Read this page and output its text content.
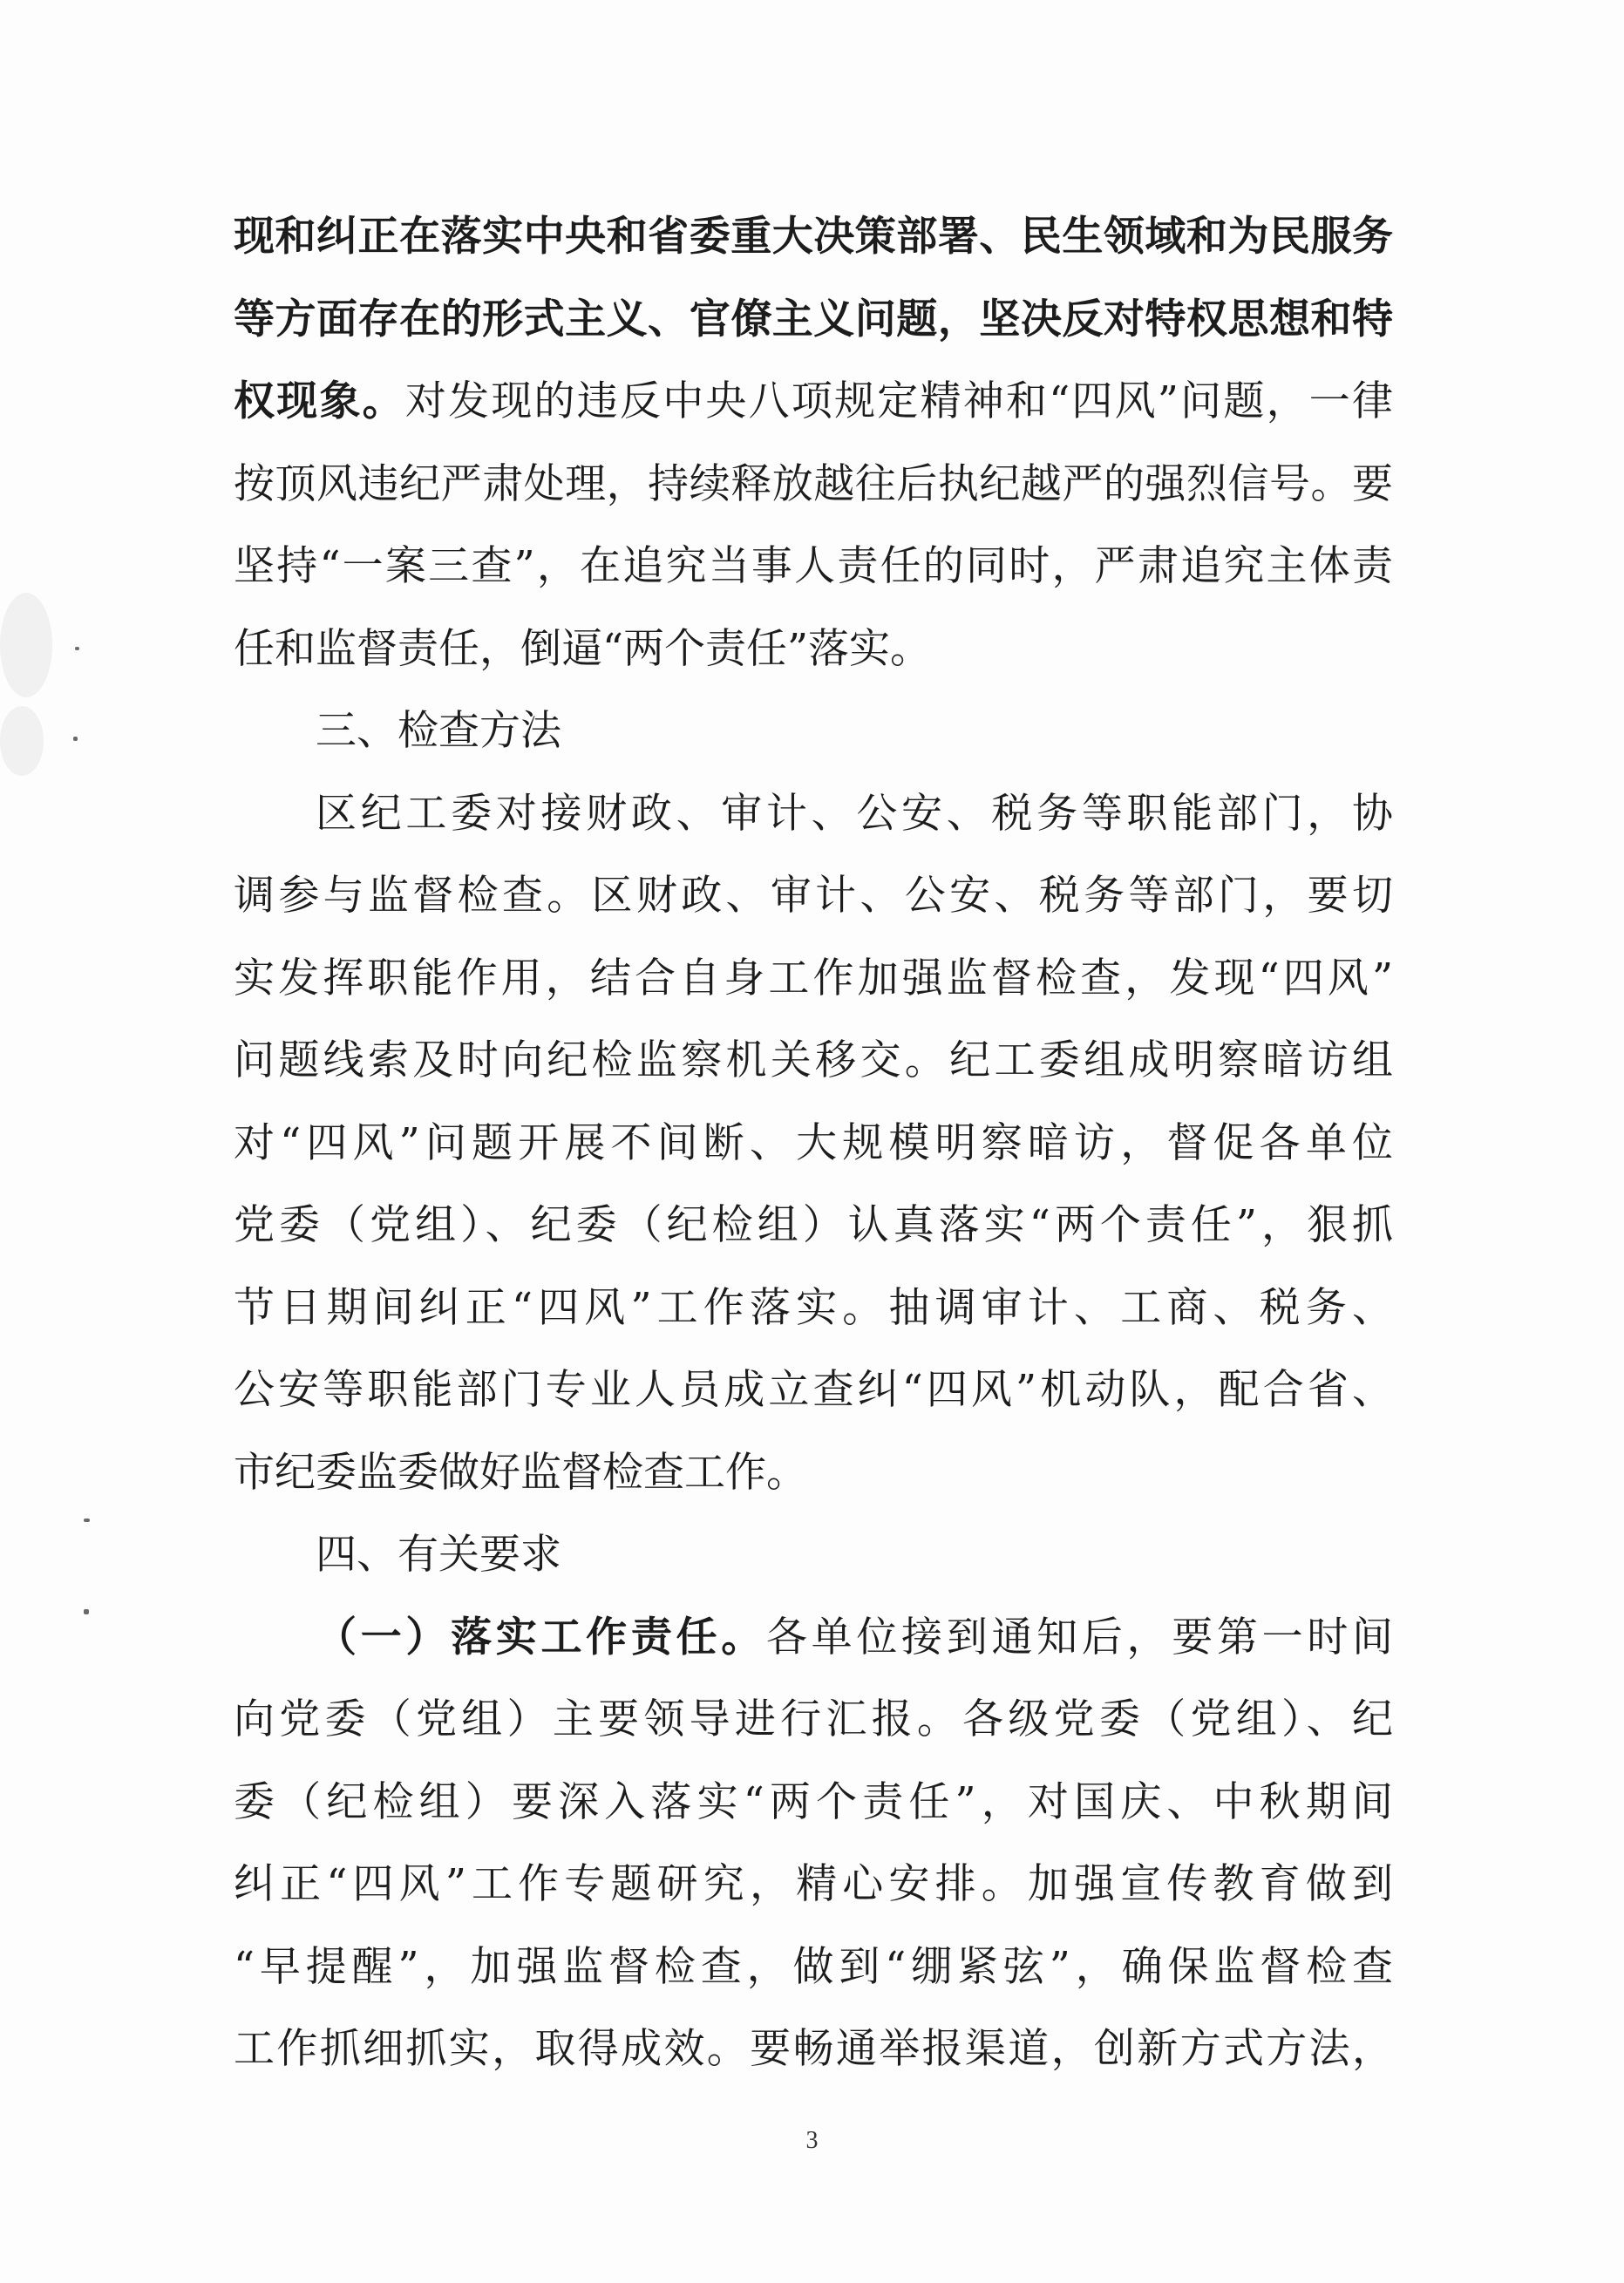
现和纠正在落实中央和省委重大决策部署、民生领域和为民服务
等方面存在的形式主义、官僚主义问题，坚决反对特权思想和特
权现象。对发现的违反中央八项规定精神和“四风”问题，一律
按顶风违纪严肃处理，持续释放越往后执纪越严的强烈信号。要
坚持“一案三查”，在追究当事人责任的同时，严肃追究主体责
任和监督责任，倒逼“两个责任”落实。
三、检查方法
区纪工委对接财政、审计、公安、税务等职能部门，协
调参与监督检查。区财政、审计、公安、税务等部门，要切
实发挥职能作用，结合自身工作加强监督检查，发现“四风”
问题线索及时向纪检监察机关移交。纪工委组成明察暗访组
对“四风”问题开展不间断、大规模明察暗访，督促各单位
党委（党组）、纪委（纪检组）认真落实“两个责任”，狠抓
节日期间纠正“四风”工作落实。抽调审计、工商、税务、
公安等职能部门专业人员成立查纠“四风”机动队，配合省、
市纪委监委做好监督检查工作。
四、有关要求
（一）落实工作责任。各单位接到通知后，要第一时间
向党委（党组）主要领导进行汇报。各级党委（党组）、纪
委（纪检组）要深入落实“两个责任”，对国庆、中秋期间
纠正“四风”工作专题研究，精心安排。加强宣传教育做到
“早提醒”，加强监督检查，做到“绷紧弦”，确保监督检查
工作抓细抓实，取得成效。要畅通举报渠道，创新方式方法，
3
